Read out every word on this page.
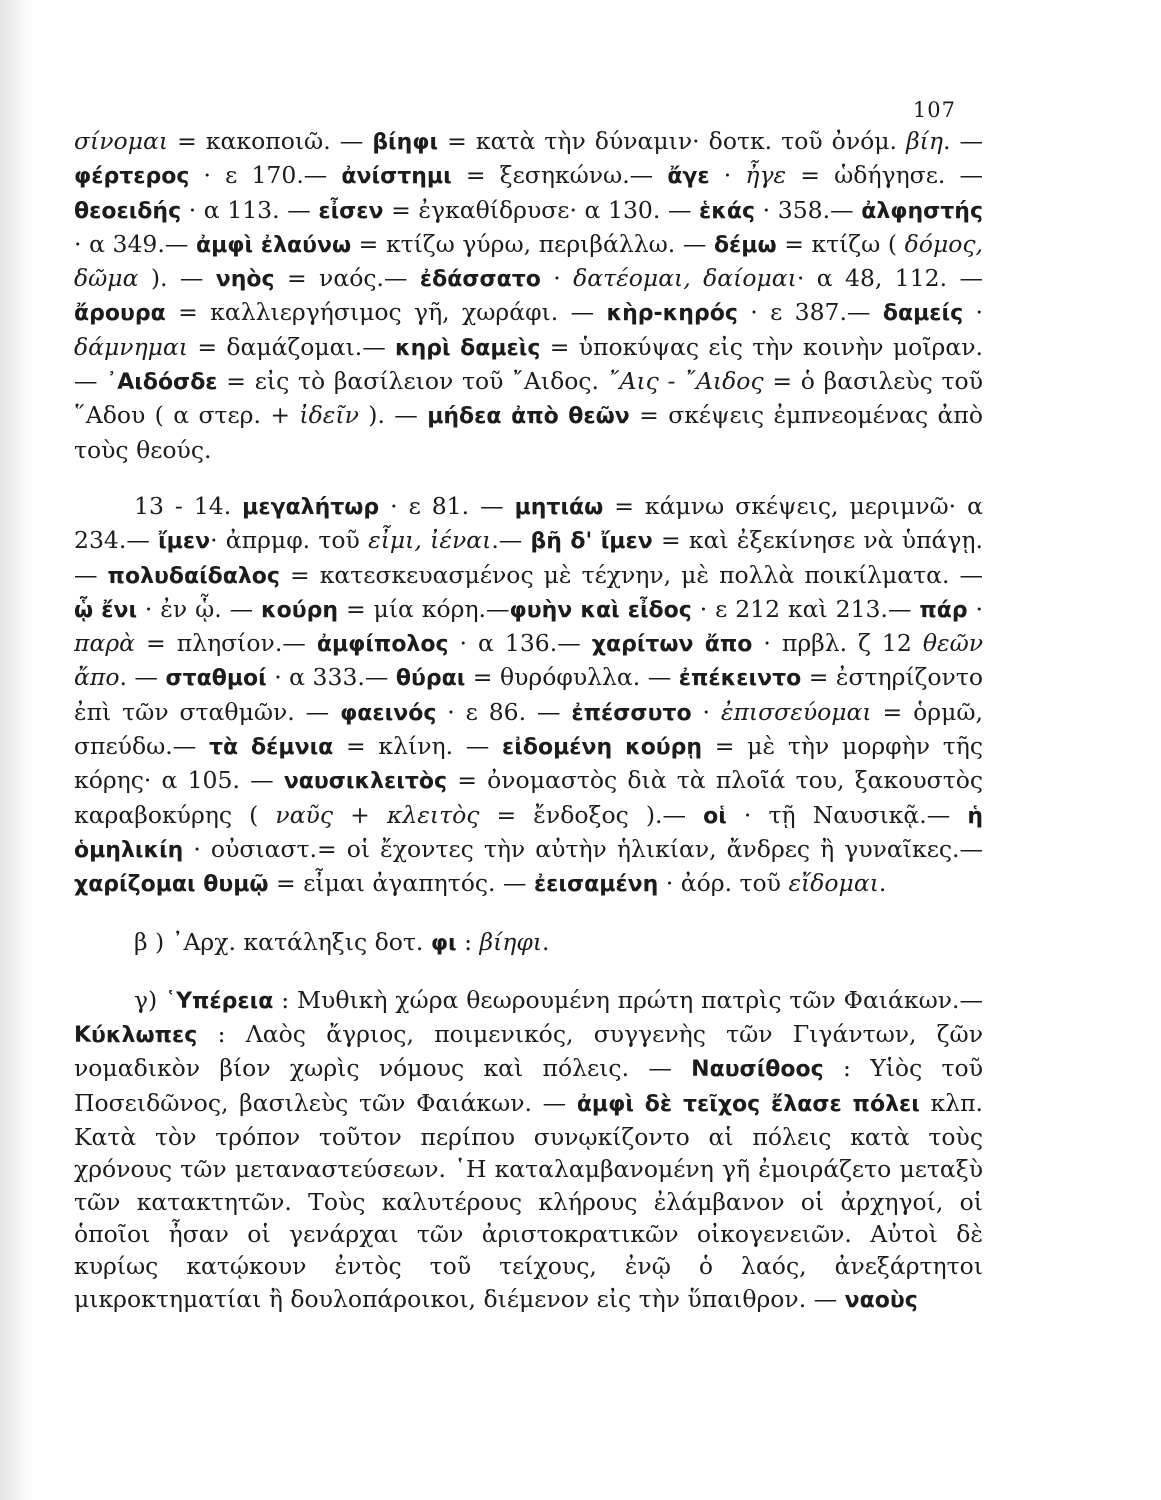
107

σίνομαι = κακοποιῶ. — βίηφι = κατὰ τὴν δύναμιν· δοτκ. τοῦ ὀνόμ. βίη. — φέρτερος · ε 170.— ἀνίστημι = ξεσηκώνω.— ἄγε · ἦγε = ὡδήγησε. — θεοειδής · α 113. — εἶσεν = ἐγκαθίδρυσε· α 130. — ἑκάς · 358.— ἀλφηστής · α 349.— ἀμφὶ ἐλαύνω = κτίζω γύρω, περιβάλλω. — δέμω = κτίζω ( δόμος, δῶμα ). — νηὸς = ναός.— ἐδάσσατο · δατέομαι, δαίομαι· α 48, 112. — ἄρουρα = καλλιεργήσιμος γῆ, χωράφι. — κὴρ-κηρός · ε 387.— δαμείς · δάμνημαι = δαμάζομαι.— κηρὶ δαμεὶς = ὑποκύψας εἰς τὴν κοινὴν μοῖραν. — ᾿Αιδόσδε = εἰς τὸ βασίλειον τοῦ ῎Αιδος. ῎Αις - ῎Αιδος = ὁ βασιλεὺς τοῦ ῞Αδου ( α στερ. + ἰδεῖν ). — μήδεα ἀπὸ θεῶν = σκέψεις ἐμπνεομένας ἀπὸ τοὺς θεούς.

13 - 14. μεγαλήτωρ · ε 81. — μητιάω = κάμνω σκέψεις, μεριμνῶ· α 234.— ἴμεν· ἀπρμφ. τοῦ εἶμι, ἰέναι.— βῆ δ' ἴμεν = καὶ ἐξεκίνησε νὰ ὑπάγῃ. — πολυδαίδαλος = κατεσκευασμένος μὲ τέχνην, μὲ πολλὰ ποικίλματα. — ᾧ ἔνι · ἐν ᾧ. — κούρη = μία κόρη.—φυὴν καὶ εἶδος · ε 212 καὶ 213.— πάρ · παρὰ = πλησίον.— ἀμφίπολος · α 136.— χαρίτων ἄπο · πρβλ. ζ 12 θεῶν ἄπο. — σταθμοί · α 333.— θύραι = θυρόφυλλα. — ἐπέκειντο = ἐστηρίζοντο ἐπὶ τῶν σταθμῶν. — φαεινός · ε 86. — ἐπέσσυτο · ἐπισσεύομαι = ὁρμῶ, σπεύδω.— τὰ δέμνια = κλίνη. — εἰδομένη κούρῃ = μὲ τὴν μορφὴν τῆς κόρης· α 105. — ναυσικλειτὸς = ὀνομαστὸς διὰ τὰ πλοῖά του, ξακουστὸς καραβοκύρης ( ναῦς + κλειτὸς = ἔνδοξος ).— οἱ · τῇ Ναυσικᾷ.— ἡ ὁμηλικίη · οὐσιαστ.= οἱ ἔχοντες τὴν αὐτὴν ἡλικίαν, ἄνδρες ἢ γυναῖκες.— χαρίζομαι θυμῷ = εἶμαι ἀγαπητός. — ἐεισαμένη · ἀόρ. τοῦ εἴδομαι.

β ) ᾿Αρχ. κατάληξις δοτ. φι : βίηφι.

γ) ῾Υπέρεια : Μυθικὴ χώρα θεωρουμένη πρώτη πατρὶς τῶν Φαιάκων.— Κύκλωπες : Λαὸς ἄγριος, ποιμενικός, συγγενὴς τῶν Γιγάντων, ζῶν νομαδικὸν βίον χωρὶς νόμους καὶ πόλεις. — Ναυσίθοος : Υἱὸς τοῦ Ποσειδῶνος, βασιλεὺς τῶν Φαιάκων. — ἀμφὶ δὲ τεῖχος ἔλασε πόλει κλπ. Κατὰ τὸν τρόπον τοῦτον περίπου συνῳκίζοντο αἱ πόλεις κατὰ τοὺς χρόνους τῶν μεταναστεύσεων. ῾Η καταλαμβανομένη γῆ ἐμοιράζετο μεταξὺ τῶν κατακτητῶν. Τοὺς καλυτέρους κλήρους ἐλάμβανον οἱ ἀρχηγοί, οἱ ὁποῖοι ἦσαν οἱ γενάρχαι τῶν ἀριστοκρατικῶν οἰκογενειῶν. Αὐτοὶ δὲ κυρίως κατῴκουν ἐντὸς τοῦ τείχους, ἐνῷ ὁ λαός, ἀνεξάρτητοι μικροκτηματίαι ἢ δουλοπάροικοι, διέμενον εἰς τὴν ὕπαιθρον. — ναοὺς
